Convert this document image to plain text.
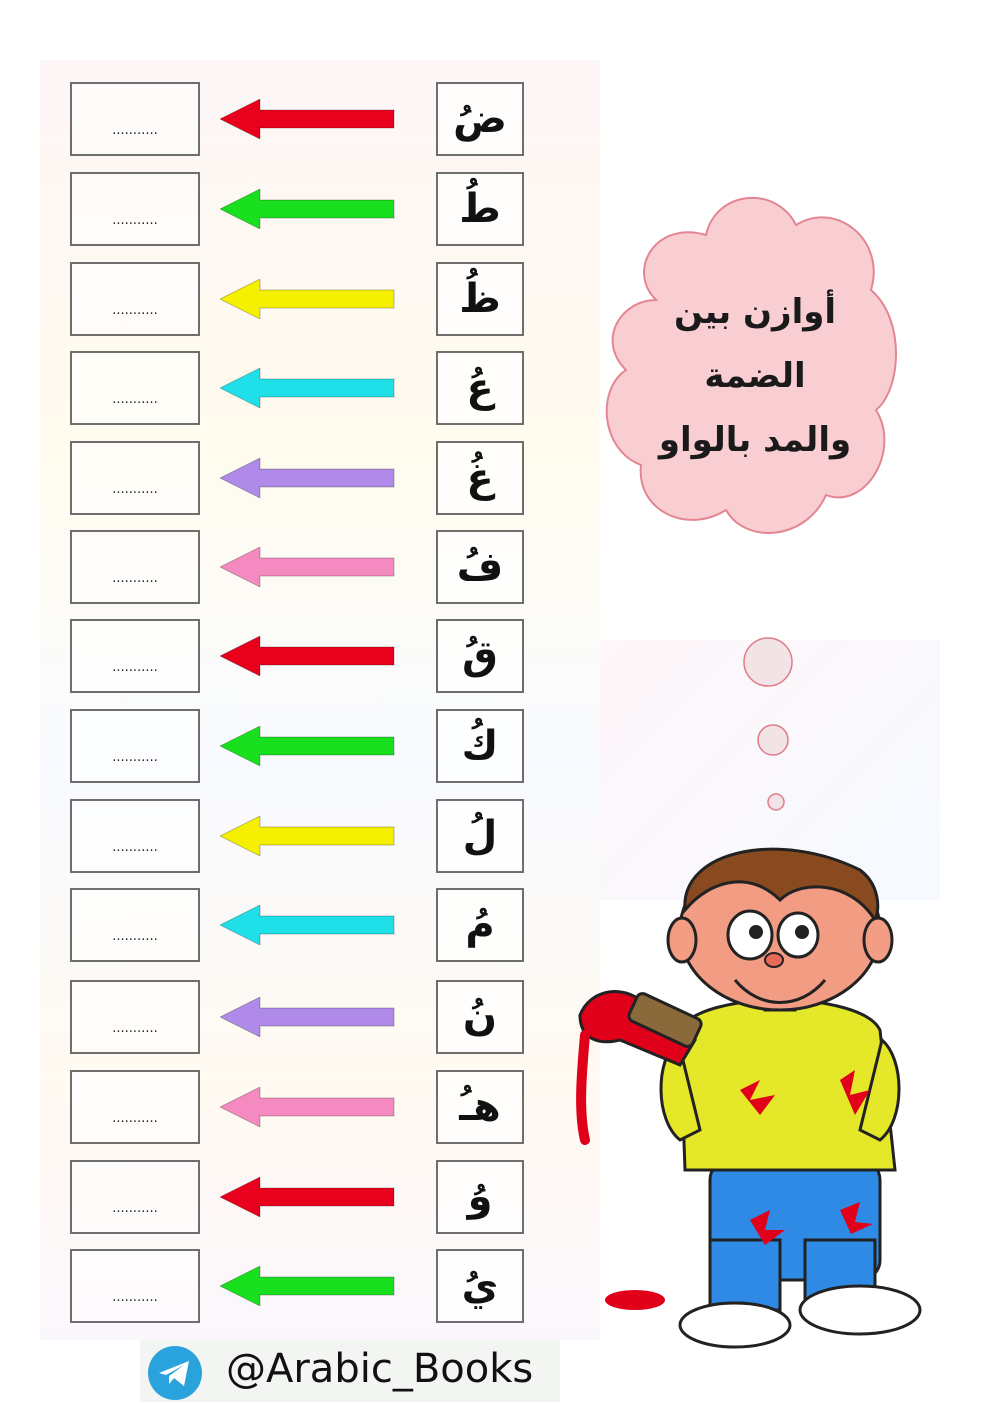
...........	ضُ
...........	طُ
...........	ظُ
...........	عُ
...........	غُ
...........	فُ
...........	قُ
...........	كُ
...........	لُ
...........	مُ
...........	نُ
...........	هـُ
...........	وُ
...........	يُ
أوازن بين
الضمة
والمد بالواو
@Arabic_Books
